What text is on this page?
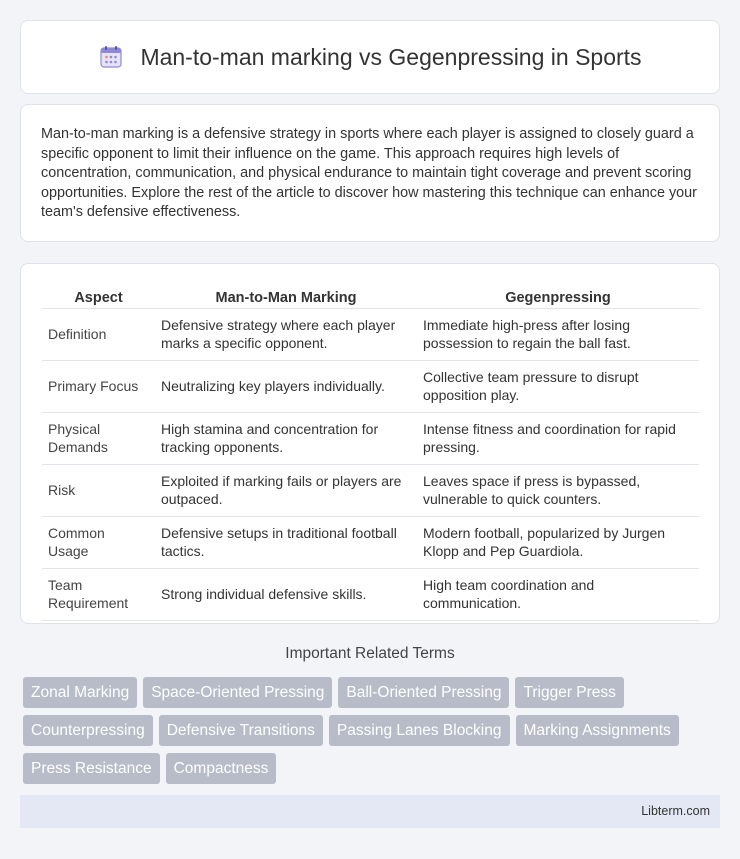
Man-to-man marking vs Gegenpressing in Sports

Man-to-man marking is a defensive strategy in sports where each player is assigned to closely guard a specific opponent to limit their influence on the game. This approach requires high levels of concentration, communication, and physical endurance to maintain tight coverage and prevent scoring opportunities. Explore the rest of the article to discover how mastering this technique can enhance your team's defensive effectiveness.

Aspect	Man-to-Man Marking	Gegenpressing
Definition	Defensive strategy where each player marks a specific opponent.	Immediate high-press after losing possession to regain the ball fast.
Primary Focus	Neutralizing key players individually.	Collective team pressure to disrupt opposition play.
Physical Demands	High stamina and concentration for tracking opponents.	Intense fitness and coordination for rapid pressing.
Risk	Exploited if marking fails or players are outpaced.	Leaves space if press is bypassed, vulnerable to quick counters.
Common Usage	Defensive setups in traditional football tactics.	Modern football, popularized by Jurgen Klopp and Pep Guardiola.
Team Requirement	Strong individual defensive skills.	High team coordination and communication.
Important Related Terms
Zonal Marking	Space-Oriented Pressing	Ball-Oriented Pressing	Trigger Press
Counterpressing	Defensive Transitions	Passing Lanes Blocking	Marking Assignments
Press Resistance	Compactness
Libterm.com
